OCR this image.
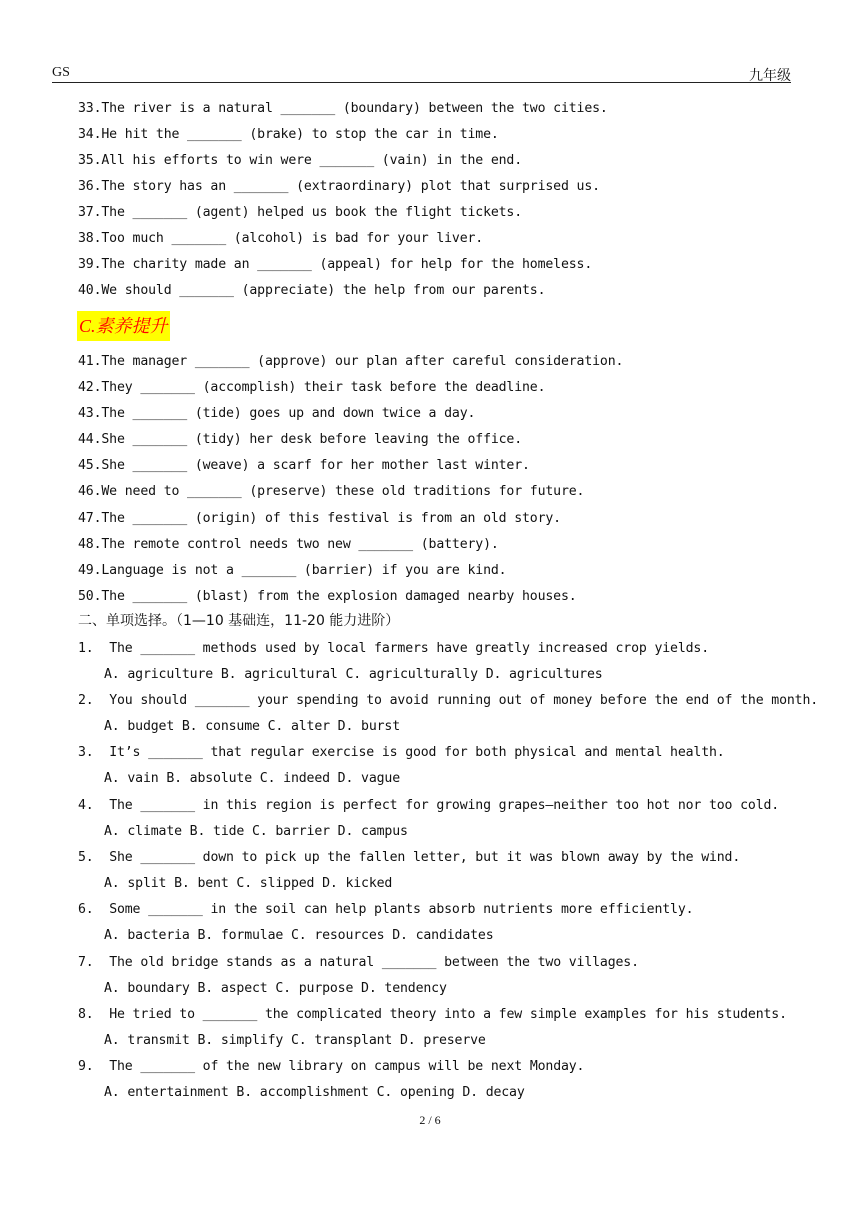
GS	九年级
33.The river is a natural _______ (boundary) between the two cities.
34.He hit the _______ (brake) to stop the car in time.
35.All his efforts to win were _______ (vain) in the end.
36.The story has an _______ (extraordinary) plot that surprised us.
37.The _______ (agent) helped us book the flight tickets.
38.Too much _______ (alcohol) is bad for your liver.
39.The charity made an _______ (appeal) for help for the homeless.
40.We should _______ (appreciate) the help from our parents.
C.素养提升
41.The manager _______ (approve) our plan after careful consideration.
42.They _______ (accomplish) their task before the deadline.
43.The _______ (tide) goes up and down twice a day.
44.She _______ (tidy) her desk before leaving the office.
45.She _______ (weave) a scarf for her mother last winter.
46.We need to _______ (preserve) these old traditions for future.
47.The _______ (origin) of this festival is from an old story.
48.The remote control needs two new _______ (battery).
49.Language is not a _______ (barrier) if you are kind.
50.The _______ (blast) from the explosion damaged nearby houses.
二、单项选择。（1—10 基础连，11-20 能力进阶）
1. The _______ methods used by local farmers have greatly increased crop yields.
A. agriculture B. agricultural C. agriculturally D. agricultures
2. You should _______ your spending to avoid running out of money before the end of the month.
A. budget B. consume C. alter D. burst
3. It’s _______ that regular exercise is good for both physical and mental health.
A. vain B. absolute C. indeed D. vague
4. The _______ in this region is perfect for growing grapes—neither too hot nor too cold.
A. climate B. tide C. barrier D. campus
5. She _______ down to pick up the fallen letter, but it was blown away by the wind.
A. split B. bent C. slipped D. kicked
6. Some _______ in the soil can help plants absorb nutrients more efficiently.
A. bacteria B. formulae C. resources D. candidates
7. The old bridge stands as a natural _______ between the two villages.
A. boundary B. aspect C. purpose D. tendency
8. He tried to _______ the complicated theory into a few simple examples for his students.
A. transmit B. simplify C. transplant D. preserve
9. The _______ of the new library on campus will be next Monday.
A. entertainment B. accomplishment C. opening D. decay
2 / 6
